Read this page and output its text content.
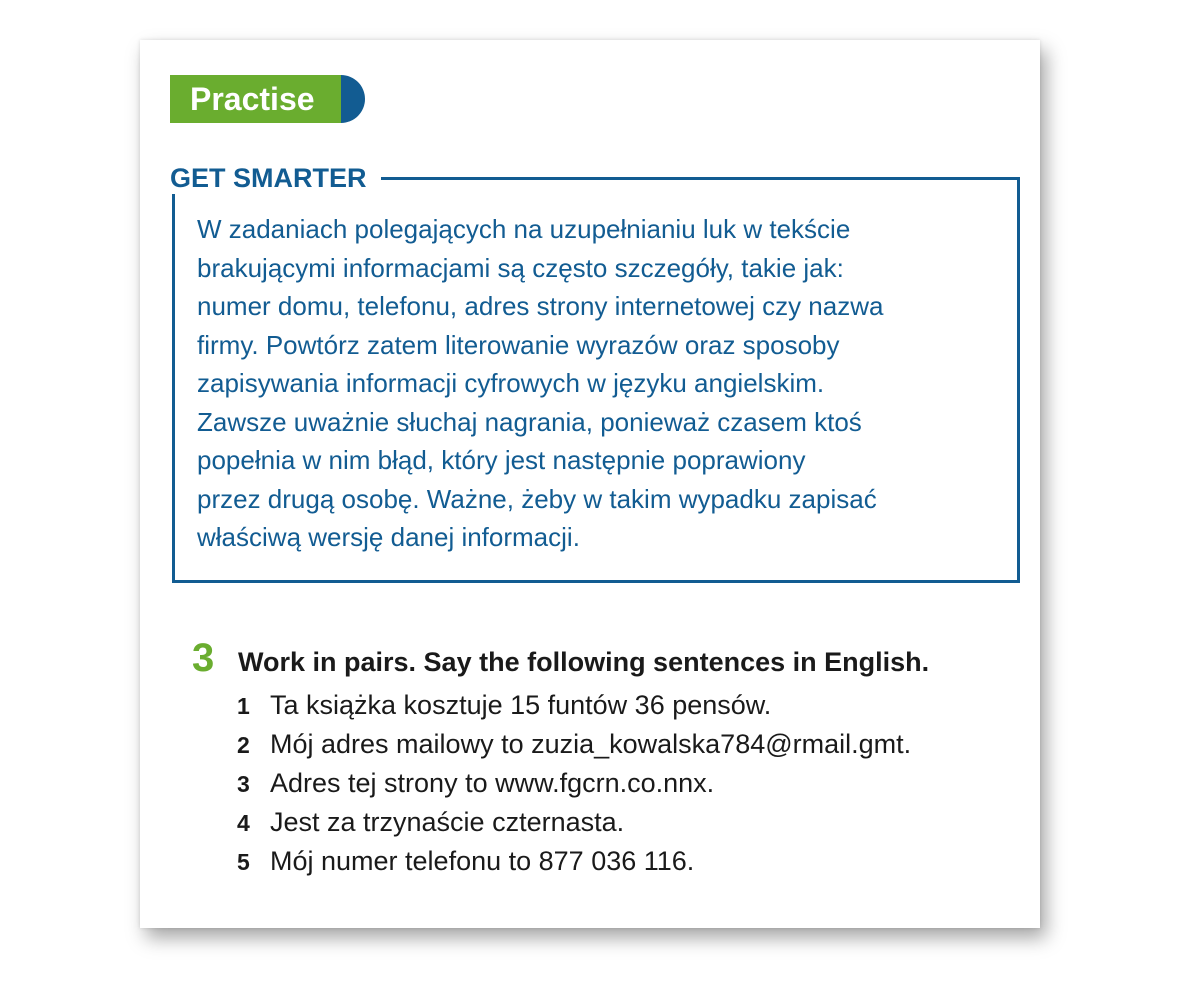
Practise
GET SMARTER
W zadaniach polegających na uzupełnianiu luk w tekście
brakującymi informacjami są często szczegóły, takie jak:
numer domu, telefonu, adres strony internetowej czy nazwa
firmy. Powtórz zatem literowanie wyrazów oraz sposoby
zapisywania informacji cyfrowych w języku angielskim.
Zawsze uważnie słuchaj nagrania, ponieważ czasem ktoś
popełnia w nim błąd, który jest następnie poprawiony
przez drugą osobę. Ważne, żeby w takim wypadku zapisać
właściwą wersję danej informacji.
3 Work in pairs. Say the following sentences in English.
1 Ta książka kosztuje 15 funtów 36 pensów.
2 Mój adres mailowy to zuzia_kowalska784@rmail.gmt.
3 Adres tej strony to www.fgcrn.co.nnx.
4 Jest za trzynaście czternasta.
5 Mój numer telefonu to 877 036 116.
